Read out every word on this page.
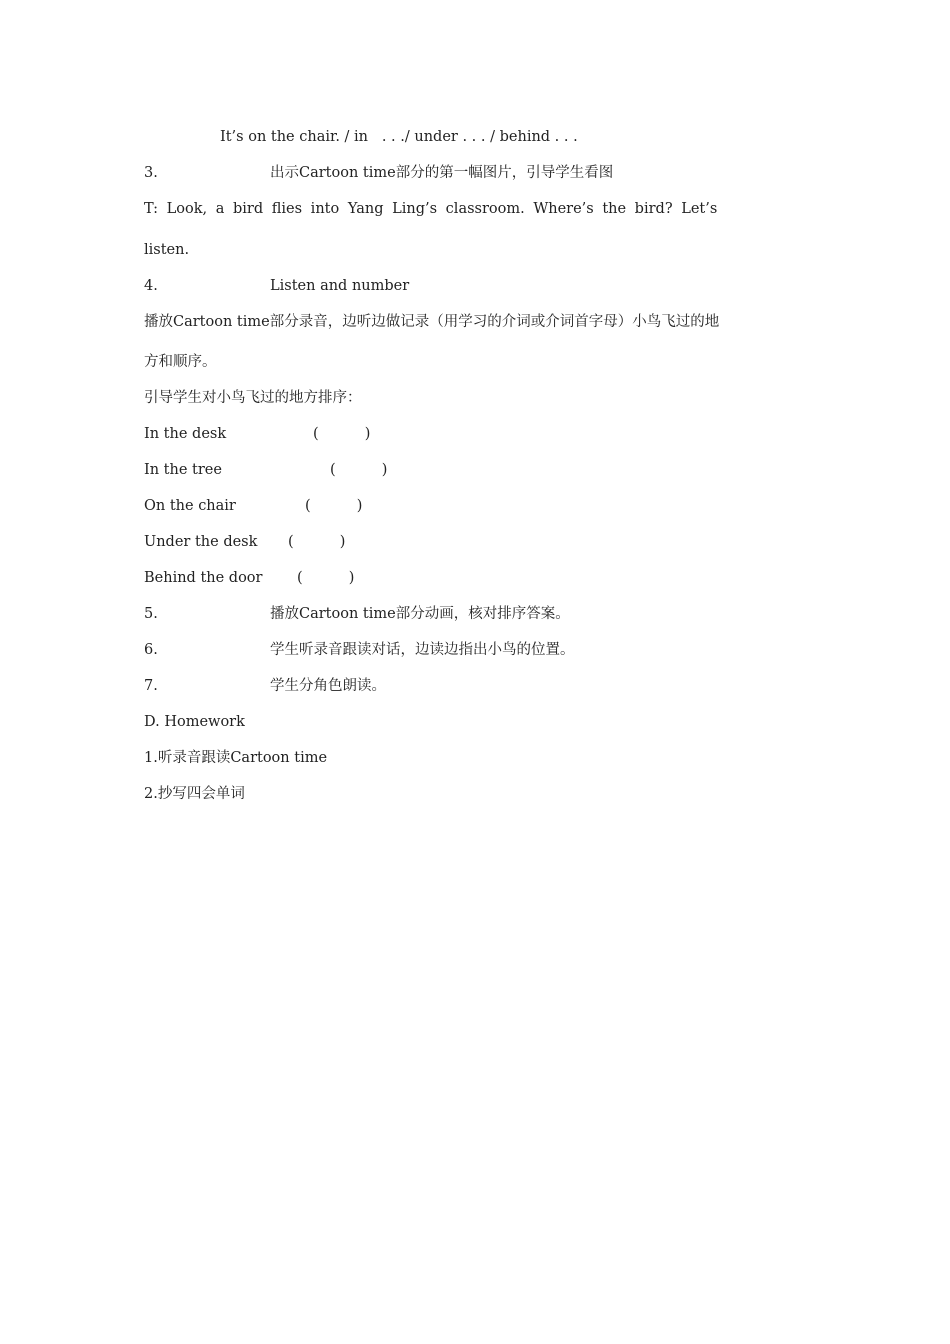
It’s on the chair. / in   . . ./ under . . . / behind . . .
3.	出示Cartoon time部分的第一幅图片，引导学生看图
T: Look, a bird flies into Yang Ling’s classroom. Where’s the bird? Let’s
listen.
4.	Listen and number
播放Cartoon time部分录音，边听边做记录（用学习的介词或介词首字母）小鸟飞过的地
方和顺序。
引导学生对小鸟飞过的地方排序：
In the desk	(          )
In the tree	(          )
On the chair	(          )
Under the desk (          )
Behind the door (          )
5.	播放Cartoon time部分动画，核对排序答案。
6.	学生听录音跟读对话，边读边指出小鸟的位置。
7.	学生分角色朗读。
D. Homework
1.听录音跟读Cartoon time
2.抄写四会单词
